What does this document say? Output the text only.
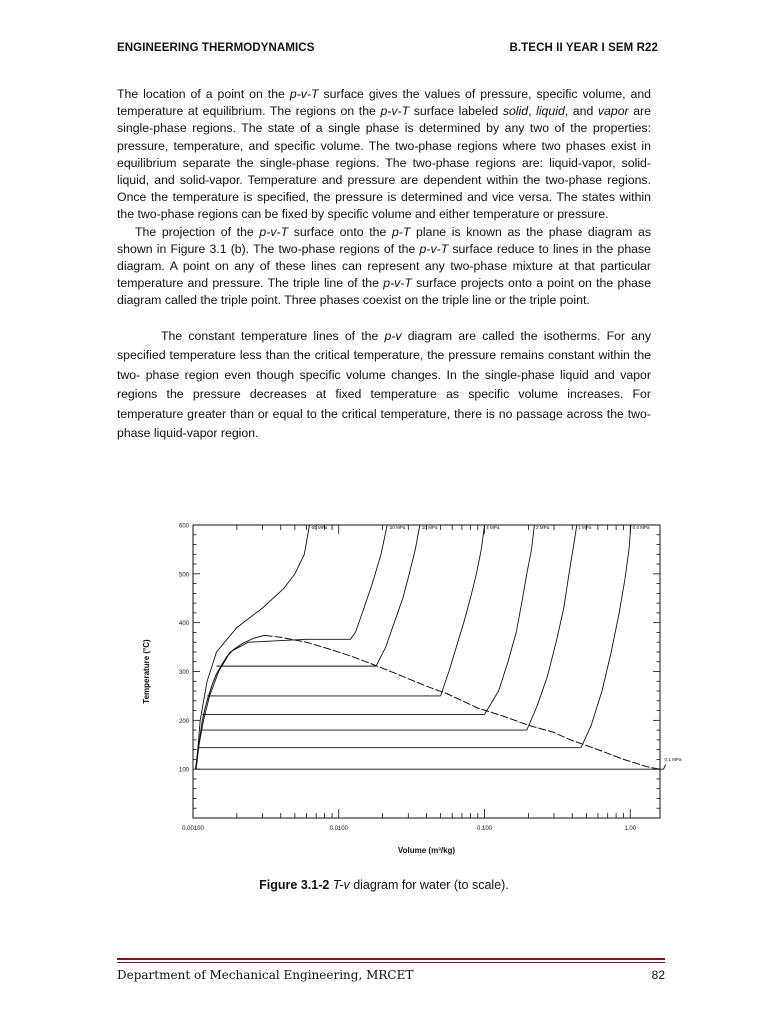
ENGINEERING THERMODYNAMICS	B.TECH II YEAR I SEM R22

The location of a point on the p-v-T surface gives the values of pressure, specific volume, and temperature at equilibrium. The regions on the p-v-T surface labeled solid, liquid, and vapor are single-phase regions. The state of a single phase is determined by any two of the properties: pressure, temperature, and specific volume. The two-phase regions where two phases exist in equilibrium separate the single-phase regions. The two-phase regions are: liquid-vapor, solid-liquid, and solid-vapor. Temperature and pressure are dependent within the two-phase regions. Once the temperature is specified, the pressure is determined and vice versa. The states within the two-phase regions can be fixed by specific volume and either temperature or pressure.

The projection of the p-v-T surface onto the p-T plane is known as the phase diagram as shown in Figure 3.1 (b). The two-phase regions of the p-v-T surface reduce to lines in the phase diagram. A point on any of these lines can represent any two-phase mixture at that particular temperature and pressure. The triple line of the p-v-T surface projects onto a point on the phase diagram called the triple point. Three phases coexist on the triple line or the triple point.

The constant temperature lines of the p-v diagram are called the isotherms. For any specified temperature less than the critical temperature, the pressure remains constant within the two- phase region even though specific volume changes. In the single-phase liquid and vapor regions the pressure decreases at fixed temperature as specific volume increases. For temperature greater than or equal to the critical temperature, there is no passage across the two-phase liquid-vapor region.

100
200
300
400
500
600
0.00100	0.0100	0.100	1.00
Volume (m³/kg)
Temperature (°C)
60 MPa	20 MPa	10 MPa	4 MPa	2 MPa	1 MPa	0.4 MPa
0.1 MPa
Figure 3.1-2 T-v diagram for water (to scale).
Department of Mechanical Engineering, MRCET	82
